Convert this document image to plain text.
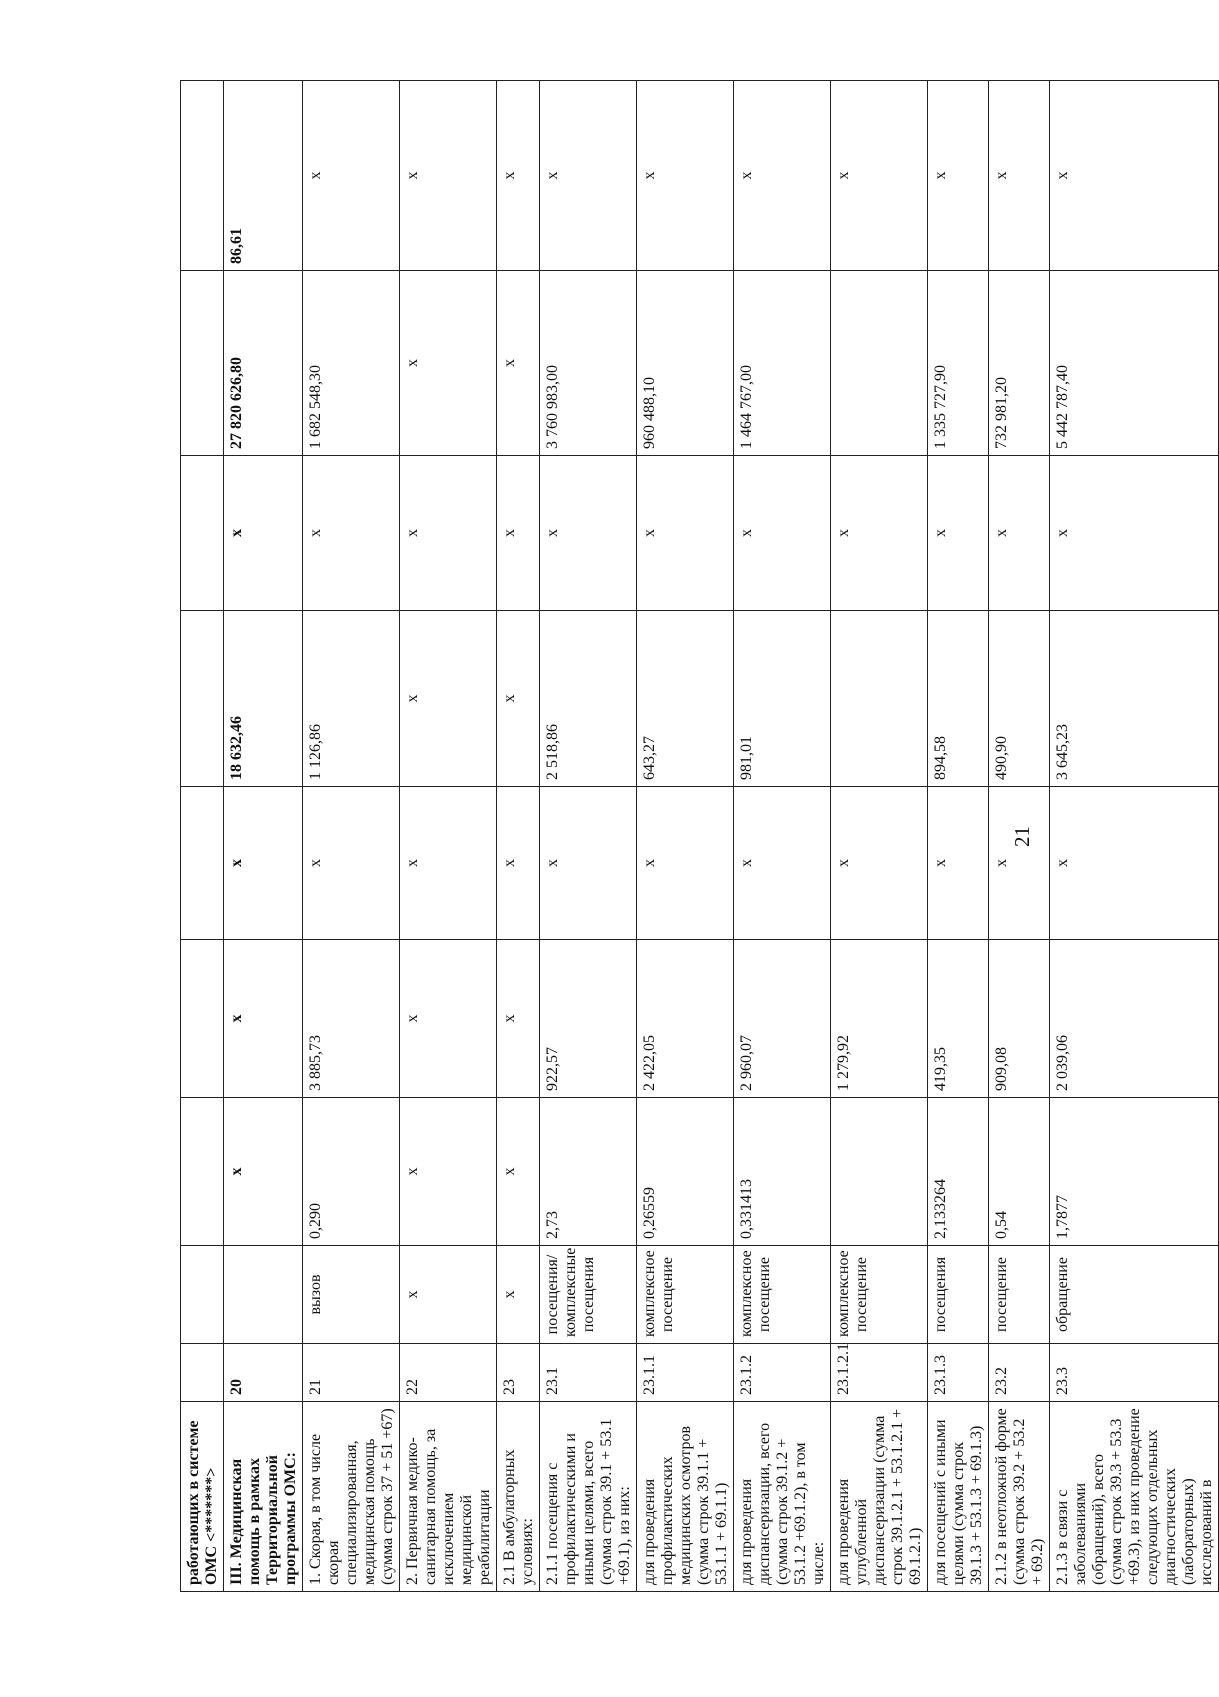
работающих в системе ОМС <*******>									
III. Медицинская помощь в рамках Территориальной программы ОМС:	20		х	х	х	18 632,46	х	27 820 626,80	86,61
1. Скорая, в том числе скорая специализированная, медицинская помощь (сумма строк 37 + 51 +67)	21	вызов	0,290	3 885,73	х	1 126,86	х	1 682 548,30	х
2. Первичная медико-санитарная помощь, за исключением медицинской реабилитации	22	х	х	х	х	х	х	х	х
2.1 В амбулаторных условиях:	23	х	х	х	х	х	х	х	х
2.1.1 посещения с профилактическими и иными целями, всего (сумма строк 39.1 + 53.1 +69.1), из них:	23.1	посещения/ комплексные посещения	2,73	922,57	х	2 518,86	х	3 760 983,00	х
для проведения профилактических медицинских осмотров (сумма строк 39.1.1 + 53.1.1 + 69.1.1)	23.1.1	комплексное посещение	0,26559	2 422,05	х	643,27	х	960 488,10	х
для проведения диспансеризации, всего (сумма строк 39.1.2 + 53.1.2 +69.1.2), в том числе:	23.1.2	комплексное посещение	0,331413	2 960,07	х	981,01	х	1 464 767,00	х
для проведения углубленной диспансеризации (сумма строк 39.1.2.1 + 53.1.2.1 + 69.1.2.1)	23.1.2.1	комплексное посещение		1 279,92	х		х		х
для посещений с иными целями (сумма строк 39.1.3 + 53.1.3 + 69.1.3)	23.1.3	посещения	2,133264	419,35	х	894,58	х	1 335 727,90	х
2.1.2 в неотложной форме (сумма строк 39.2 + 53.2 + 69.2)	23.2	посещение	0,54	909,08	х	490,90	х	732 981,20	х
2.1.3 в связи с заболеваниями (обращений), всего (сумма строк 39.3 + 53.3 +69.3), из них проведение следующих отдельных диагностических (лабораторных) исследований в	23.3	обращение	1,7877	2 039,06	х	3 645,23	х	5 442 787,40	х
21
